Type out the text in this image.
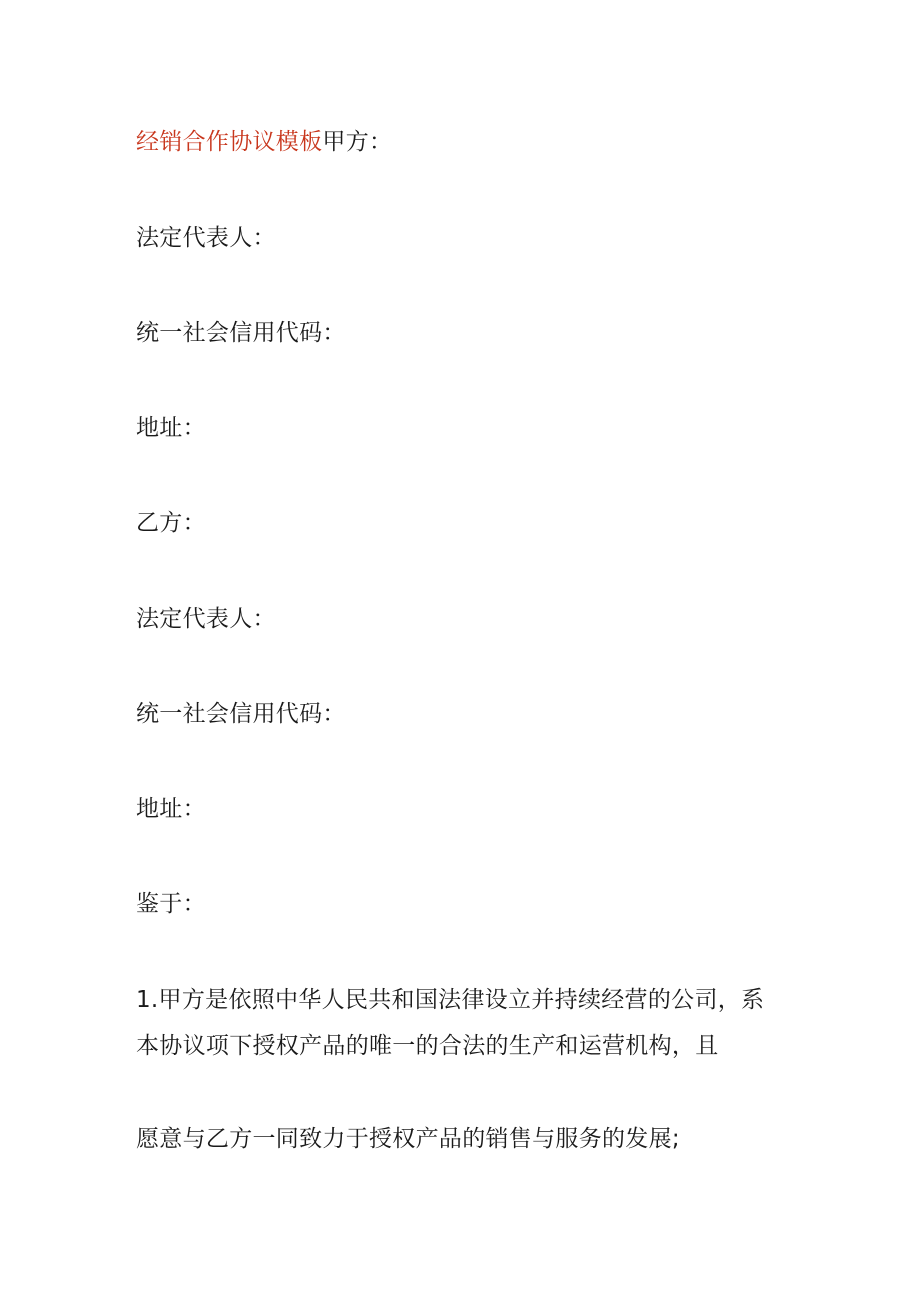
经销合作协议模板甲方：
法定代表人：
统一社会信用代码：
地址：
乙方：
法定代表人：
统一社会信用代码：
地址：
鉴于：
1.甲方是依照中华人民共和国法律设立并持续经营的公司，系本协议项下授权产品的唯一的合法的生产和运营机构，且
愿意与乙方一同致力于授权产品的销售与服务的发展;
